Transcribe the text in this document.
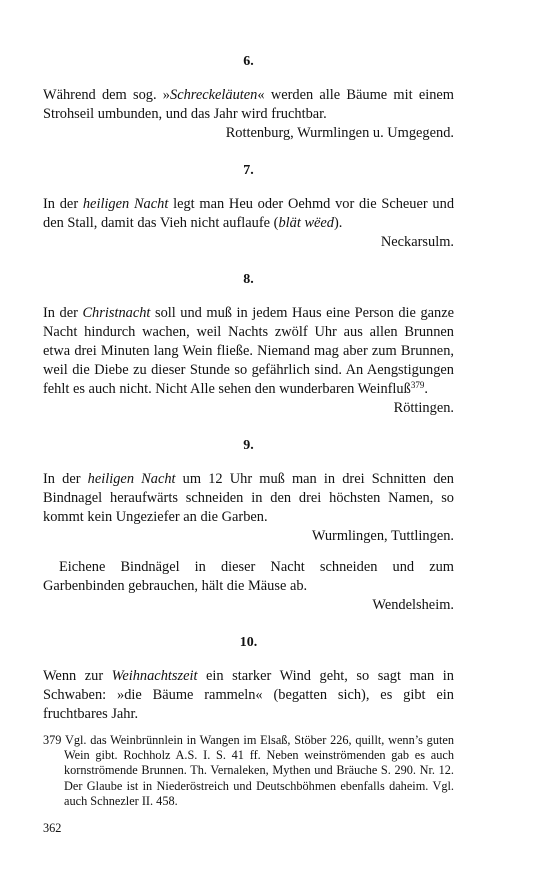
6.

Während dem sog. »Schreckeläuten« werden alle Bäume mit einem Strohseil umbunden, und das Jahr wird fruchtbar.

Rottenburg, Wurmlingen u. Umgegend.

7.

In der heiligen Nacht legt man Heu oder Oehmd vor die Scheuer und den Stall, damit das Vieh nicht auflaufe (blät wëed).

Neckarsulm.

8.

In der Christnacht soll und muß in jedem Haus eine Person die ganze Nacht hindurch wachen, weil Nachts zwölf Uhr aus allen Brunnen etwa drei Minuten lang Wein fließe. Niemand mag aber zum Brunnen, weil die Diebe zu dieser Stunde so gefährlich sind. An Aengstigungen fehlt es auch nicht. Nicht Alle sehen den wunderbaren Weinfluß$^{379}$.

Röttingen.

9.

In der heiligen Nacht um 12 Uhr muß man in drei Schnitten den Bindnagel heraufwärts schneiden in den drei höchsten Namen, so kommt kein Ungeziefer an die Garben.

Wurmlingen, Tuttlingen.

Eichene Bindnägel in dieser Nacht schneiden und zum Garbenbinden gebrauchen, hält die Mäuse ab.

Wendelsheim.

10.

Wenn zur Weihnachtszeit ein starker Wind geht, so sagt man in Schwaben: »die Bäume rammeln« (begatten sich), es gibt ein fruchtbares Jahr.

379 Vgl. das Weinbrünnlein in Wangen im Elsaß, Stöber 226, quillt, wenn’s guten Wein gibt. Rochholz A.S. I. S. 41 ff. Neben weinströmenden gab es auch kornströmende Brunnen. Th. Vernaleken, Mythen und Bräuche S. 290. Nr. 12. Der Glaube ist in Niederöstreich und Deutschböhmen ebenfalls daheim. Vgl. auch Schnezler II. 458.

362
